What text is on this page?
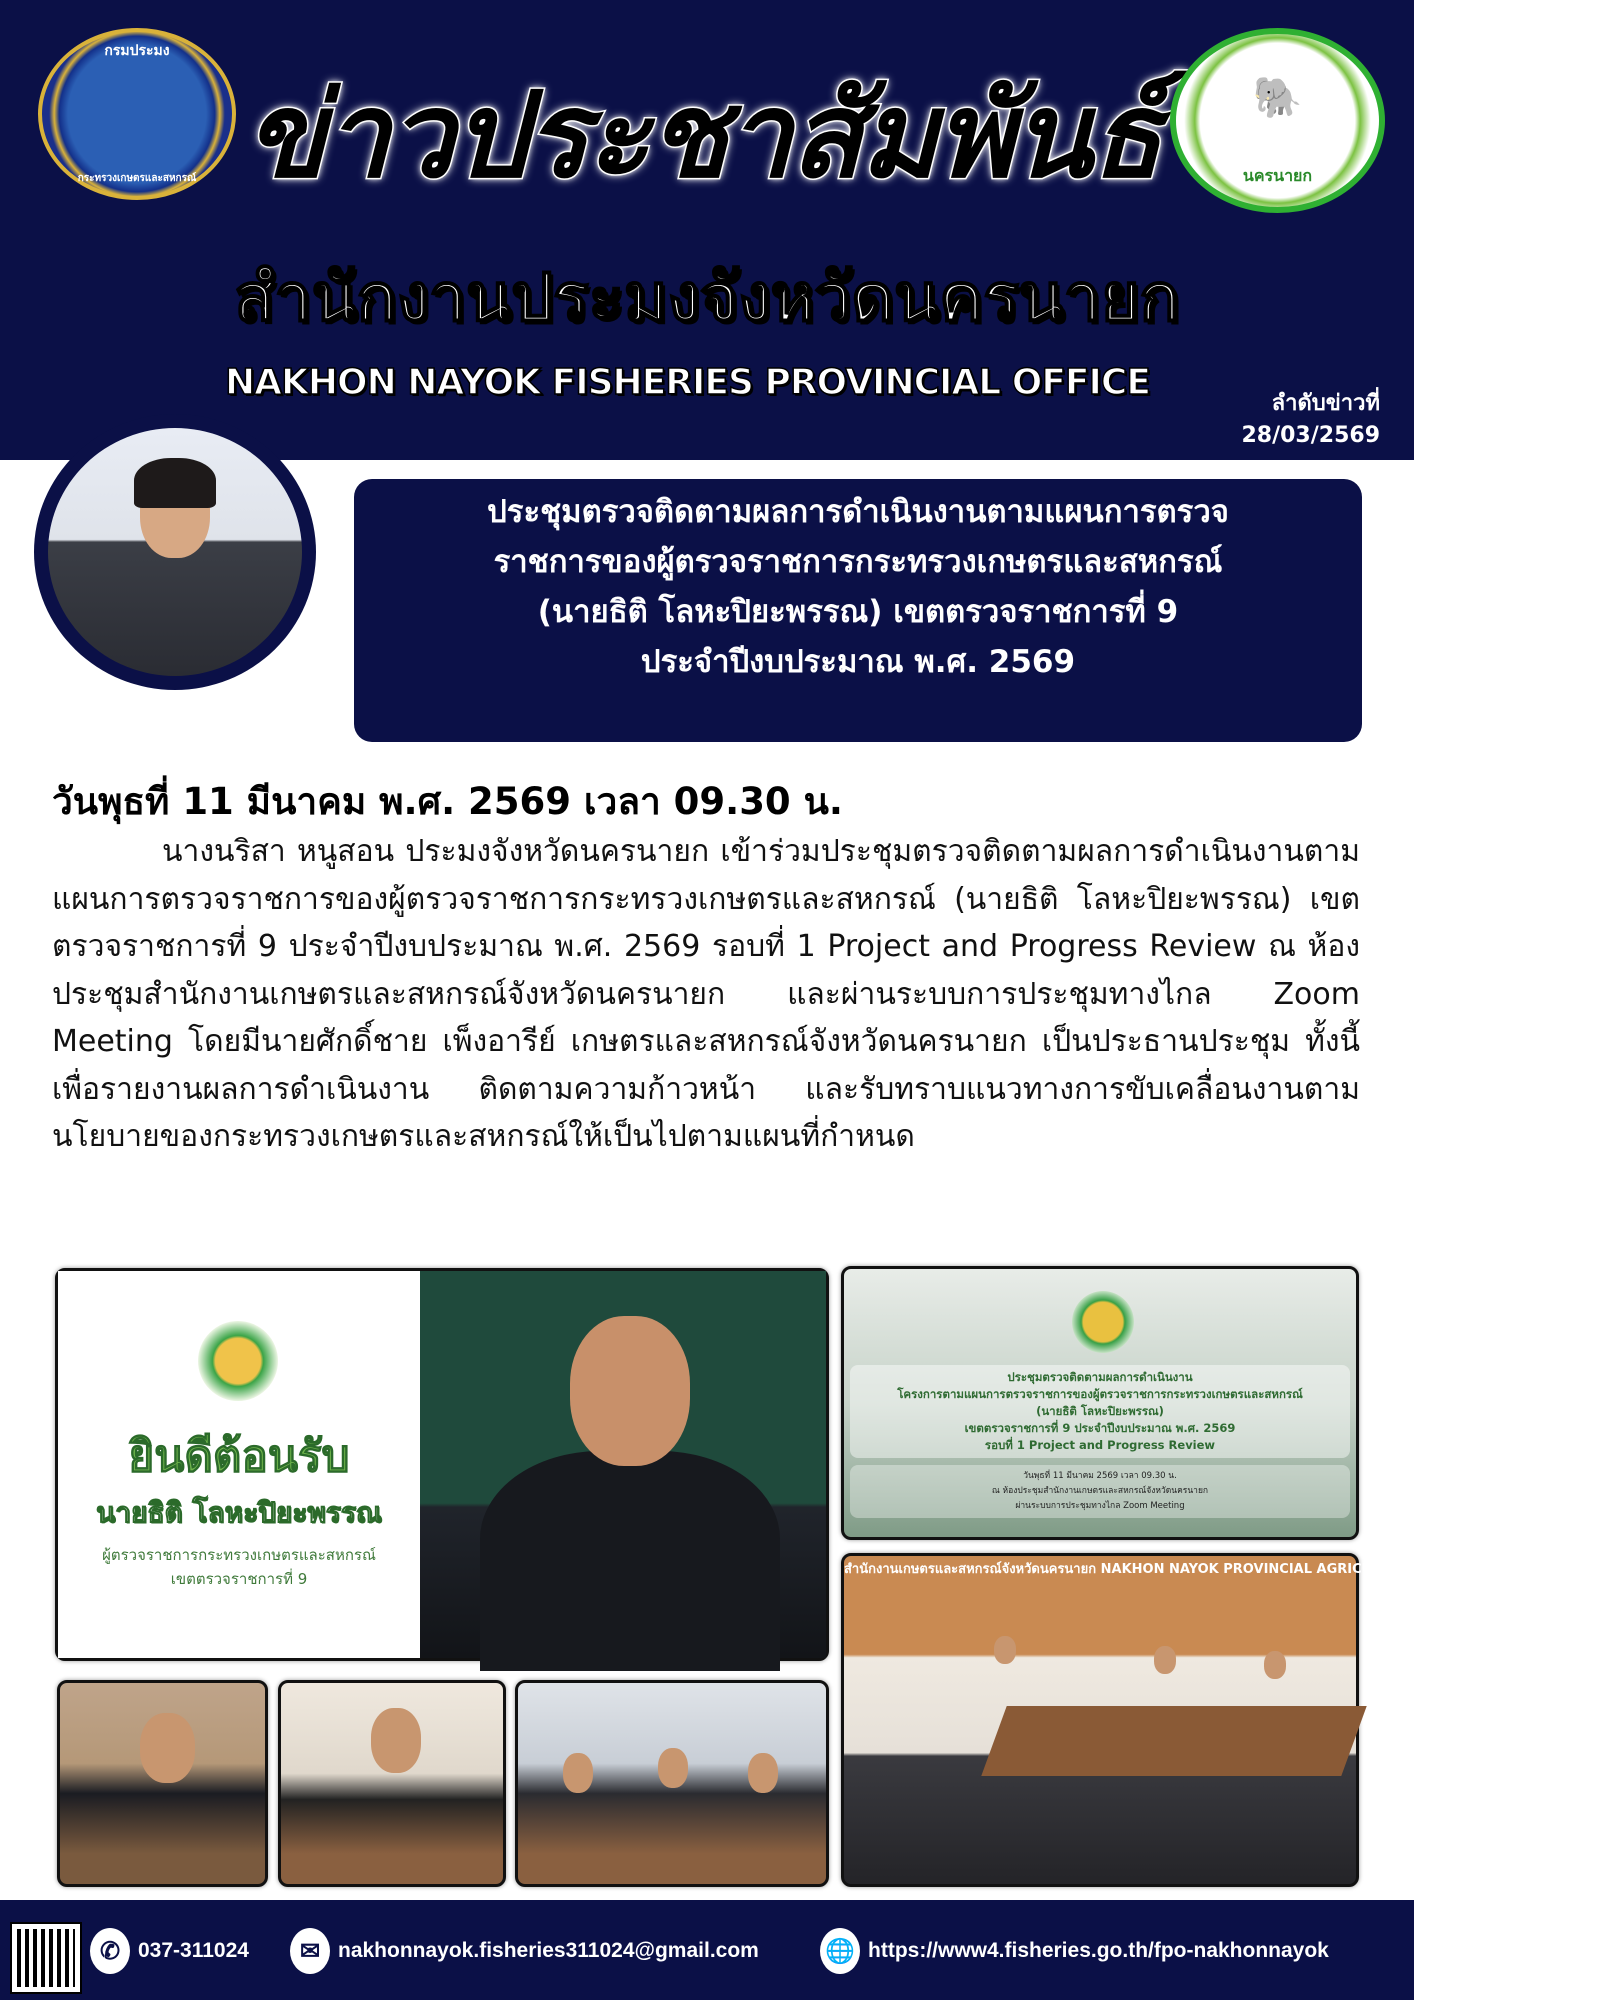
กรมประมง
กระทรวงเกษตรและสหกรณ์ ข่าวประชาสัมพันธ์	🐘
นครนายก
สำนักงานประมงจังหวัดนครนายก
NAKHON NAYOK FISHERIES PROVINCIAL OFFICE
ลำดับข่าวที่
28/03/2569
ประชุมตรวจติดตามผลการดำเนินงานตามแผนการตรวจ
ราชการของผู้ตรวจราชการกระทรวงเกษตรและสหกรณ์
(นายธิติ โลหะปิยะพรรณ) เขตตรวจราชการที่ 9
ประจำปีงบประมาณ พ.ศ. 2569
วันพุธที่ 11 มีนาคม พ.ศ. 2569 เวลา 09.30 น.
นางนริสา หนูสอน ประมงจังหวัดนครนายก เข้าร่วมประชุมตรวจติดตามผลการดำเนินงานตามแผนการตรวจราชการของผู้ตรวจราชการกระทรวงเกษตรและสหกรณ์ (นายธิติ โลหะปิยะพรรณ) เขตตรวจราชการที่ 9 ประจำปีงบประมาณ พ.ศ. 2569 รอบที่ 1 Project and Progress Review ณ ห้องประชุมสำนักงานเกษตรและสหกรณ์จังหวัดนครนายก และผ่านระบบการประชุมทางไกล Zoom Meeting โดยมีนายศักดิ์ชาย เพ็งอารีย์ เกษตรและสหกรณ์จังหวัดนครนายก เป็นประธานประชุม ทั้งนี้ เพื่อรายงานผลการดำเนินงาน ติดตามความก้าวหน้า และรับทราบแนวทางการขับเคลื่อนงานตามนโยบายของกระทรวงเกษตรและสหกรณ์ให้เป็นไปตามแผนที่กำหนด
ยินดีต้อนรับ
นายธิติ โลหะปิยะพรรณ
ผู้ตรวจราชการกระทรวงเกษตรและสหกรณ์
เขตตรวจราชการที่ 9
ประชุมตรวจติดตามผลการดำเนินงาน
โครงการตามแผนการตรวจราชการของผู้ตรวจราชการกระทรวงเกษตรและสหกรณ์
(นายธิติ โลหะปิยะพรรณ)
เขตตรวจราชการที่ 9 ประจำปีงบประมาณ พ.ศ. 2569
รอบที่ 1 Project and Progress Review
วันพุธที่ 11 มีนาคม 2569 เวลา 09.30 น.
ณ ห้องประชุมสำนักงานเกษตรและสหกรณ์จังหวัดนครนายก
ผ่านระบบการประชุมทางไกล Zoom Meeting
สำนักงานเกษตรและสหกรณ์จังหวัดนครนายก NAKHON NAYOK PROVINCIAL AGRICULTURE AND COOPERATIVE OFFICE
✆ 037-311024	✉ nakhonnayok.fisheries311024@gmail.com	🌐 https://www4.fisheries.go.th/fpo-nakhonnayok
